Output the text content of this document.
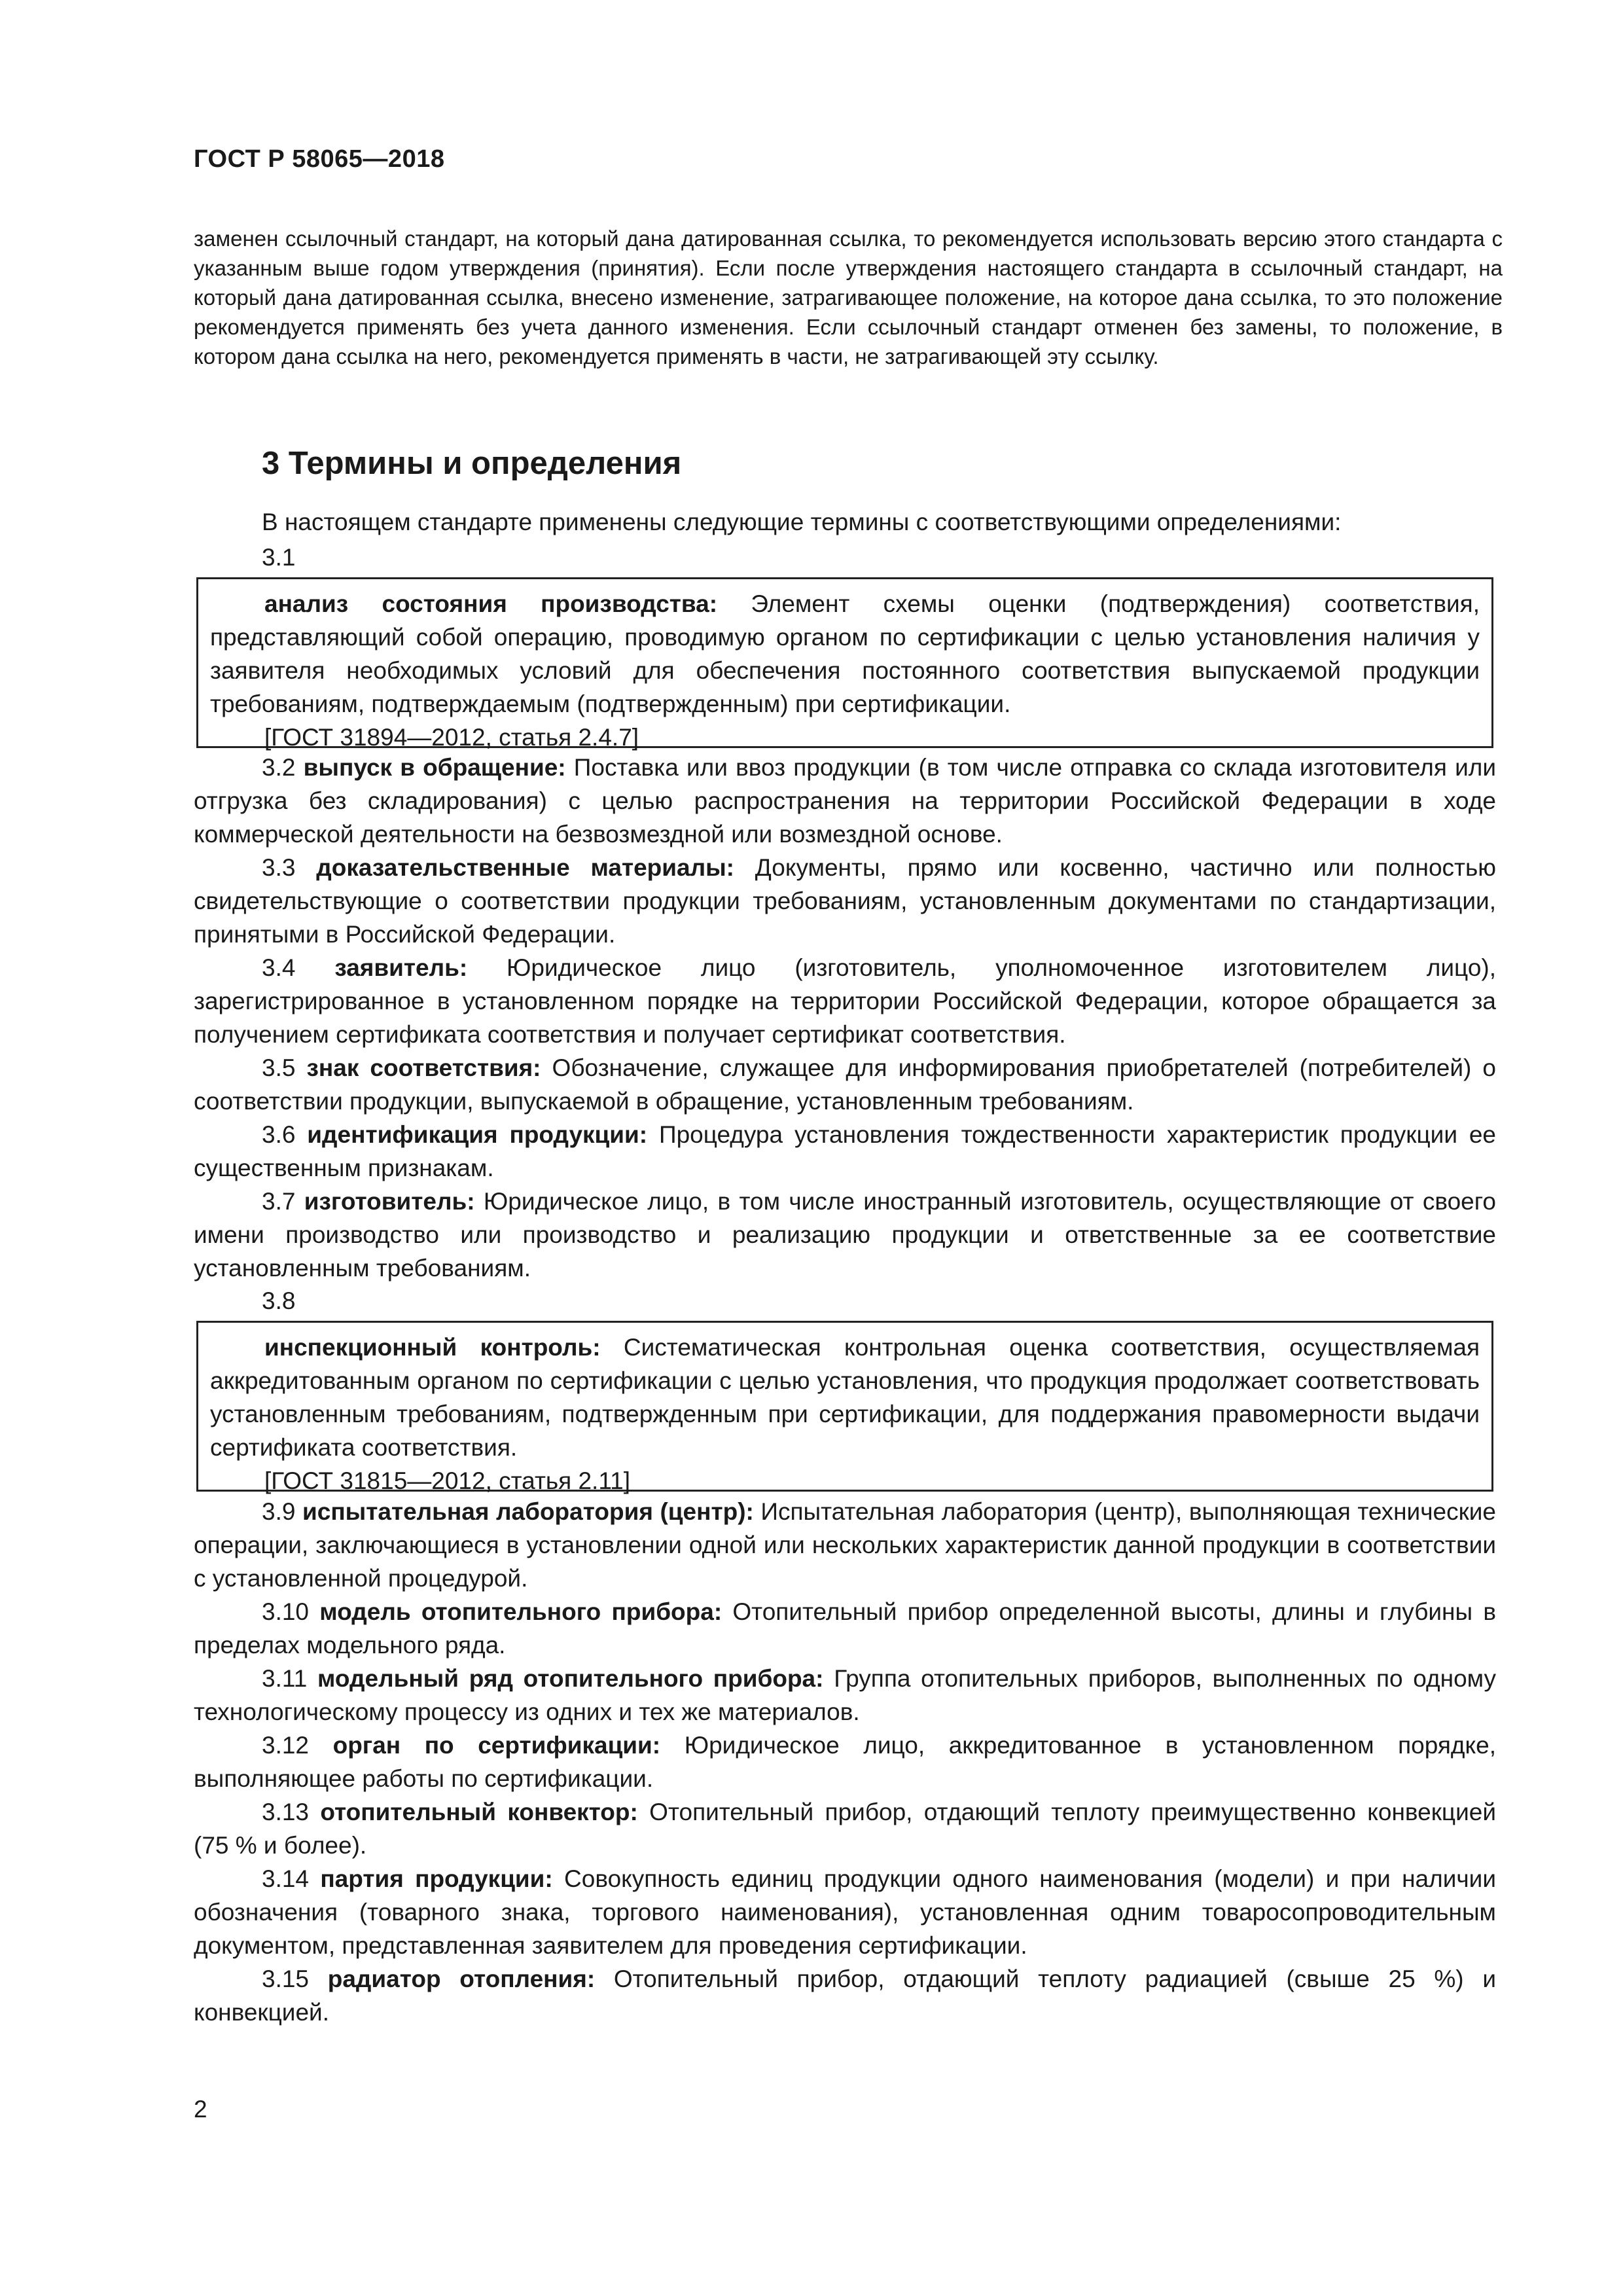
ГОСТ Р 58065—2018

заменен ссылочный стандарт, на который дана датированная ссылка, то рекомендуется использовать версию этого стандарта с указанным выше годом утверждения (принятия). Если после утверждения настоящего стандарта в ссылочный стандарт, на который дана датированная ссылка, внесено изменение, затрагивающее положение, на которое дана ссылка, то это положение рекомендуется применять без учета данного изменения. Если ссылочный стандарт отменен без замены, то положение, в котором дана ссылка на него, рекомендуется применять в части, не затрагивающей эту ссылку.

3 Термины и определения
В настоящем стандарте применены следующие термины с соответствующими определениями:
3.1

анализ состояния производства: Элемент схемы оценки (подтверждения) соответствия, представляющий собой операцию, проводимую органом по сертификации с целью установления наличия у заявителя необходимых условий для обеспечения постоянного соответствия выпускаемой продукции требованиям, подтверждаемым (подтвержденным) при сертификации.

[ГОСТ 31894—2012, статья 2.4.7]

3.2 выпуск в обращение: Поставка или ввоз продукции (в том числе отправка со склада изготовителя или отгрузка без складирования) с целью распространения на территории Российской Федерации в ходе коммерческой деятельности на безвозмездной или возмездной основе.

3.3 доказательственные материалы: Документы, прямо или косвенно, частично или полностью свидетельствующие о соответствии продукции требованиям, установленным документами по стандартизации, принятыми в Российской Федерации.

3.4 заявитель: Юридическое лицо (изготовитель, уполномоченное изготовителем лицо), зарегистрированное в установленном порядке на территории Российской Федерации, которое обращается за получением сертификата соответствия и получает сертификат соответствия.

3.5 знак соответствия: Обозначение, служащее для информирования приобретателей (потребителей) о соответствии продукции, выпускаемой в обращение, установленным требованиям.

3.6 идентификация продукции: Процедура установления тождественности характеристик продукции ее существенным признакам.

3.7 изготовитель: Юридическое лицо, в том числе иностранный изготовитель, осуществляющие от своего имени производство или производство и реализацию продукции и ответственные за ее соответствие установленным требованиям.

3.8

инспекционный контроль: Систематическая контрольная оценка соответствия, осуществляемая аккредитованным органом по сертификации с целью установления, что продукция продолжает соответствовать установленным требованиям, подтвержденным при сертификации, для поддержания правомерности выдачи сертификата соответствия.

[ГОСТ 31815—2012, статья 2.11]

3.9 испытательная лаборатория (центр): Испытательная лаборатория (центр), выполняющая технические операции, заключающиеся в установлении одной или нескольких характеристик данной продукции в соответствии с установленной процедурой.

3.10 модель отопительного прибора: Отопительный прибор определенной высоты, длины и глубины в пределах модельного ряда.

3.11 модельный ряд отопительного прибора: Группа отопительных приборов, выполненных по одному технологическому процессу из одних и тех же материалов.

3.12 орган по сертификации: Юридическое лицо, аккредитованное в установленном порядке, выполняющее работы по сертификации.

3.13 отопительный конвектор: Отопительный прибор, отдающий теплоту преимущественно конвекцией (75 % и более).

3.14 партия продукции: Совокупность единиц продукции одного наименования (модели) и при наличии обозначения (товарного знака, торгового наименования), установленная одним товаросопроводительным документом, представленная заявителем для проведения сертификации.

3.15 радиатор отопления: Отопительный прибор, отдающий теплоту радиацией (свыше 25 %) и конвекцией.

2
